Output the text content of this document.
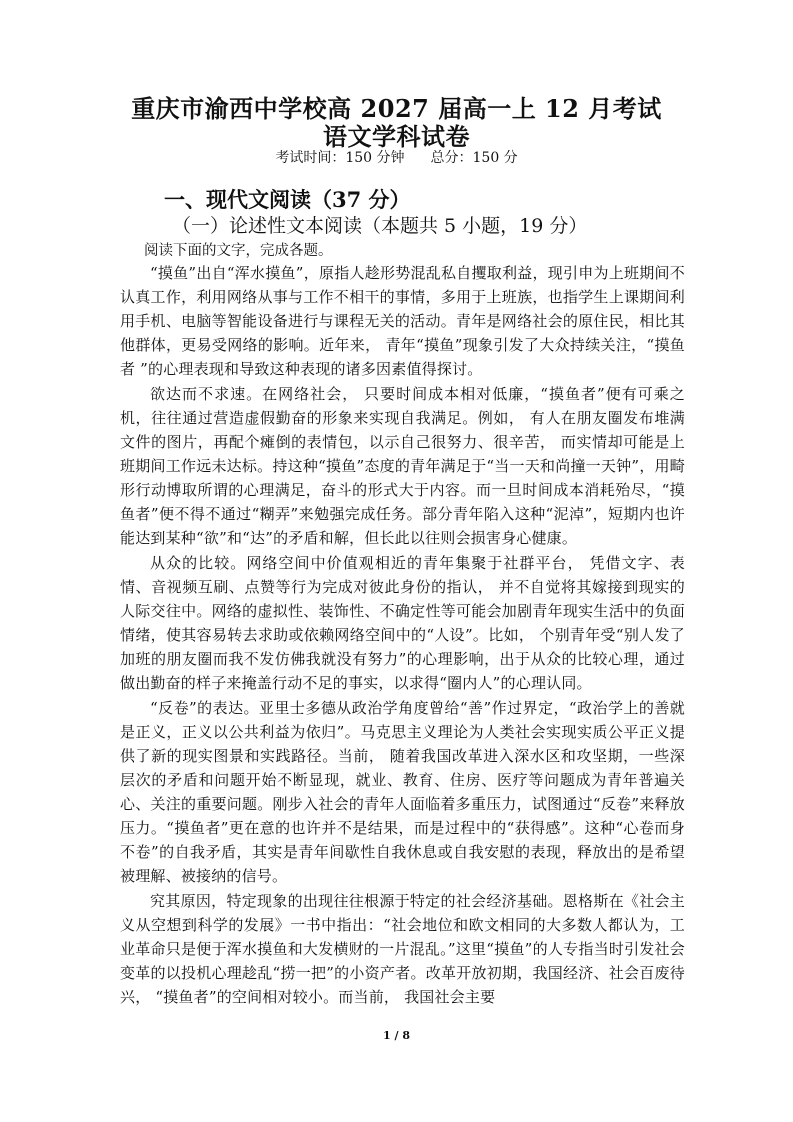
重庆市渝西中学校高 2027 届高一上 12 月考试
语文学科试卷
考试时间：150 分钟 总分：150 分
一、现代文阅读（37 分）
（一）论述性文本阅读（本题共 5 小题，19 分）
阅读下面的文字，完成各题。

“摸鱼”出自“浑水摸鱼”，原指人趁形势混乱私自攫取利益，现引申为上班期间不认真工作，利用网络从事与工作不相干的事情，多用于上班族，也指学生上课期间利用手机、电脑等智能设备进行与课程无关的活动。青年是网络社会的原住民，相比其他群体，更易受网络的影响。近年来， 青年“摸鱼”现象引发了大众持续关注，“摸鱼者 ”的心理表现和导致这种表现的诸多因素值得探讨。

欲达而不求速。在网络社会， 只要时间成本相对低廉，“摸鱼者”便有可乘之机，往往通过营造虚假勤奋的形象来实现自我满足。例如， 有人在朋友圈发布堆满文件的图片，再配个瘫倒的表情包，以示自己很努力、很辛苦， 而实情却可能是上班期间工作远未达标。持这种“摸鱼”态度的青年满足于“当一天和尚撞一天钟”，用畸形行动博取所谓的心理满足，奋斗的形式大于内容。而一旦时间成本消耗殆尽，“摸鱼者”便不得不通过“糊弄”来勉强完成任务。部分青年陷入这种“泥淖”，短期内也许能达到某种“欲”和“达”的矛盾和解，但长此以往则会损害身心健康。

从众的比较。网络空间中价值观相近的青年集聚于社群平台， 凭借文字、表情、音视频互刷、点赞等行为完成对彼此身份的指认， 并不自觉将其嫁接到现实的人际交往中。网络的虚拟性、装饰性、不确定性等可能会加剧青年现实生活中的负面情绪，使其容易转去求助或依赖网络空间中的“人设”。比如， 个别青年受“别人发了加班的朋友圈而我不发仿佛我就没有努力”的心理影响，出于从众的比较心理，通过做出勤奋的样子来掩盖行动不足的事实，以求得“圈内人”的心理认同。

“反卷”的表达。亚里士多德从政治学角度曾给“善”作过界定，“政治学上的善就是正义，正义以公共利益为依归”。马克思主义理论为人类社会实现实质公平正义提供了新的现实图景和实践路径。当前， 随着我国改革进入深水区和攻坚期，一些深层次的矛盾和问题开始不断显现，就业、教育、住房、医疗等问题成为青年普遍关心、关注的重要问题。刚步入社会的青年人面临着多重压力，试图通过“反卷”来释放压力。“摸鱼者”更在意的也许并不是结果，而是过程中的“获得感”。这种“心卷而身不卷”的自我矛盾，其实是青年间歇性自我休息或自我安慰的表现，释放出的是希望被理解、被接纳的信号。

究其原因，特定现象的出现往往根源于特定的社会经济基础。恩格斯在《社会主义从空想到科学的发展》一书中指出：“社会地位和欧文相同的大多数人都认为，工业革命只是便于浑水摸鱼和大发横财的一片混乱。”这里“摸鱼”的人专指当时引发社会变革的以投机心理趁乱“捞一把”的小资产者。改革开放初期，我国经济、社会百废待兴， “摸鱼者”的空间相对较小。而当前， 我国社会主要

1 / 8
